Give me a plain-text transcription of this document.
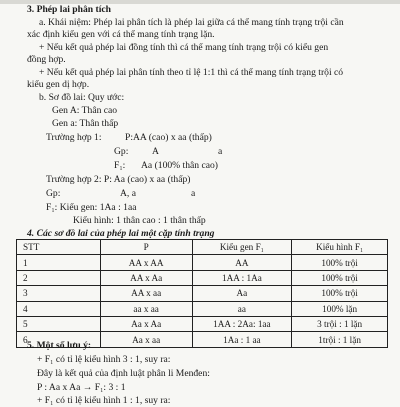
3. Phép lai phân tích
a. Khái niệm: Phép lai phân tích là phép lai giữa cá thể mang tính trạng trội cần
xác định kiểu gen với cá thể mang tính trạng lặn.
+ Nếu kết quả phép lai đồng tính thì cá thể mang tính trạng trội có kiểu gen
đồng hợp.
+ Nếu kết quả phép lai phân tính theo tỉ lệ 1:1 thì cá thể mang tính trạng trội có
kiểu gen dị hợp.
b. Sơ đồ lai: Quy ước:
Gen A: Thân cao
Gen a: Thân thấp
Trường hợp 1: P:AA (cao) x aa (thấp)
Gp: A	a
F₁: Aa (100% thân cao)
Trường hợp 2: P: Aa (cao) x aa (thấp)
Gp:	A, a	a
F₁: Kiểu gen: 1Aa : 1aa
Kiểu hình: 1 thân cao : 1 thân thấp
4. Các sơ đồ lai của phép lai một cặp tính trạng
STT	P	Kiểu gen F₁	Kiểu hình F₁
1	AA x AA	AA	100% trội
2	AA x Aa	1AA : 1Aa	100% trội
3	AA x aa	Aa	100% trội
4	aa x aa	aa	100% lặn
5	Aa x Aa	1AA : 2Aa: 1aa	3 trội : 1 lặn
6	Aa x aa	1Aa : 1 aa	1trội : 1 lặn
5. Một số lưu ý:
+ F₁ có tỉ lệ kiểu hình 3 : 1, suy ra:
Đây là kết quả của định luật phân li Menđen:
P : Aa x Aa → F₁: 3 : 1
+ F₁ có tỉ lệ kiểu hình 1 : 1, suy ra:
